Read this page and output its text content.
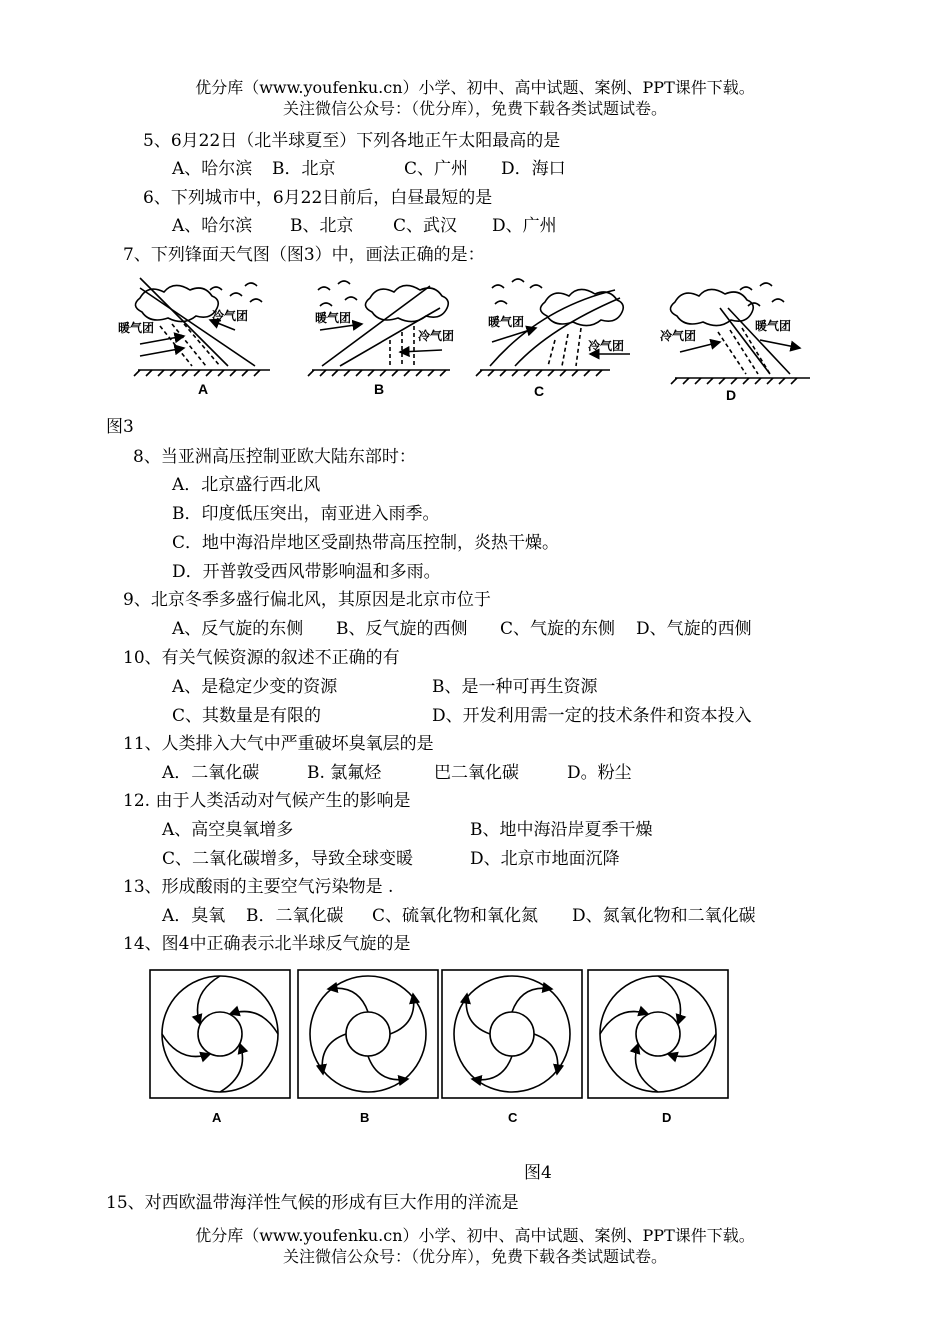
优分库（www.youfenku.cn）小学、初中、高中试题、案例、PPT课件下载。
关注微信公众号：（优分库），免费下载各类试题试卷。
5、6月22日（北半球夏至）下列各地正午太阳最高的是
A、哈尔滨 B．北京	C、广州 D．海口
6、下列城市中，6月22日前后，白昼最短的是
A、哈尔滨 B、北京 C、武汉 D、广州
7、下列锋面天气图（图3）中，画法正确的是：
暖气团
冷气团	暖气团
冷气团
暖气团
冷气团
冷气团
暖气团
A	B	C	D
图3
8、当亚洲高压控制亚欧大陆东部时：
A．北京盛行西北风
B．印度低压突出，南亚进入雨季。
C．地中海沿岸地区受副热带高压控制，炎热干燥。
D．开普敦受西风带影响温和多雨。
9、北京冬季多盛行偏北风，其原因是北京市位于
A、反气旋的东侧 B、反气旋的西侧 C、气旋的东侧 D、气旋的西侧
10、有关气候资源的叙述不正确的有
A、是稳定少变的资源	B、是一种可再生资源
C、其数量是有限的	D、开发利用需一定的技术条件和资本投入
11、人类排入大气中严重破坏臭氧层的是
A．二氧化碳	B. 氯氟烃	巴二氧化碳	D。粉尘
12. 由于人类活动对气候产生的影响是
A、高空臭氧增多	B、地中海沿岸夏季干燥
C、二氧化碳增多，导致全球变暖	D、北京市地面沉降
13、形成酸雨的主要空气污染物是 .
A．臭氧 B．二氧化碳 C、硫氧化物和氧化氮 D、氮氧化物和二氧化碳
14、图4中正确表示北半球反气旋的是
A	B	C	D
图4
15、对西欧温带海洋性气候的形成有巨大作用的洋流是
优分库（www.youfenku.cn）小学、初中、高中试题、案例、PPT课件下载。
关注微信公众号：（优分库），免费下载各类试题试卷。
